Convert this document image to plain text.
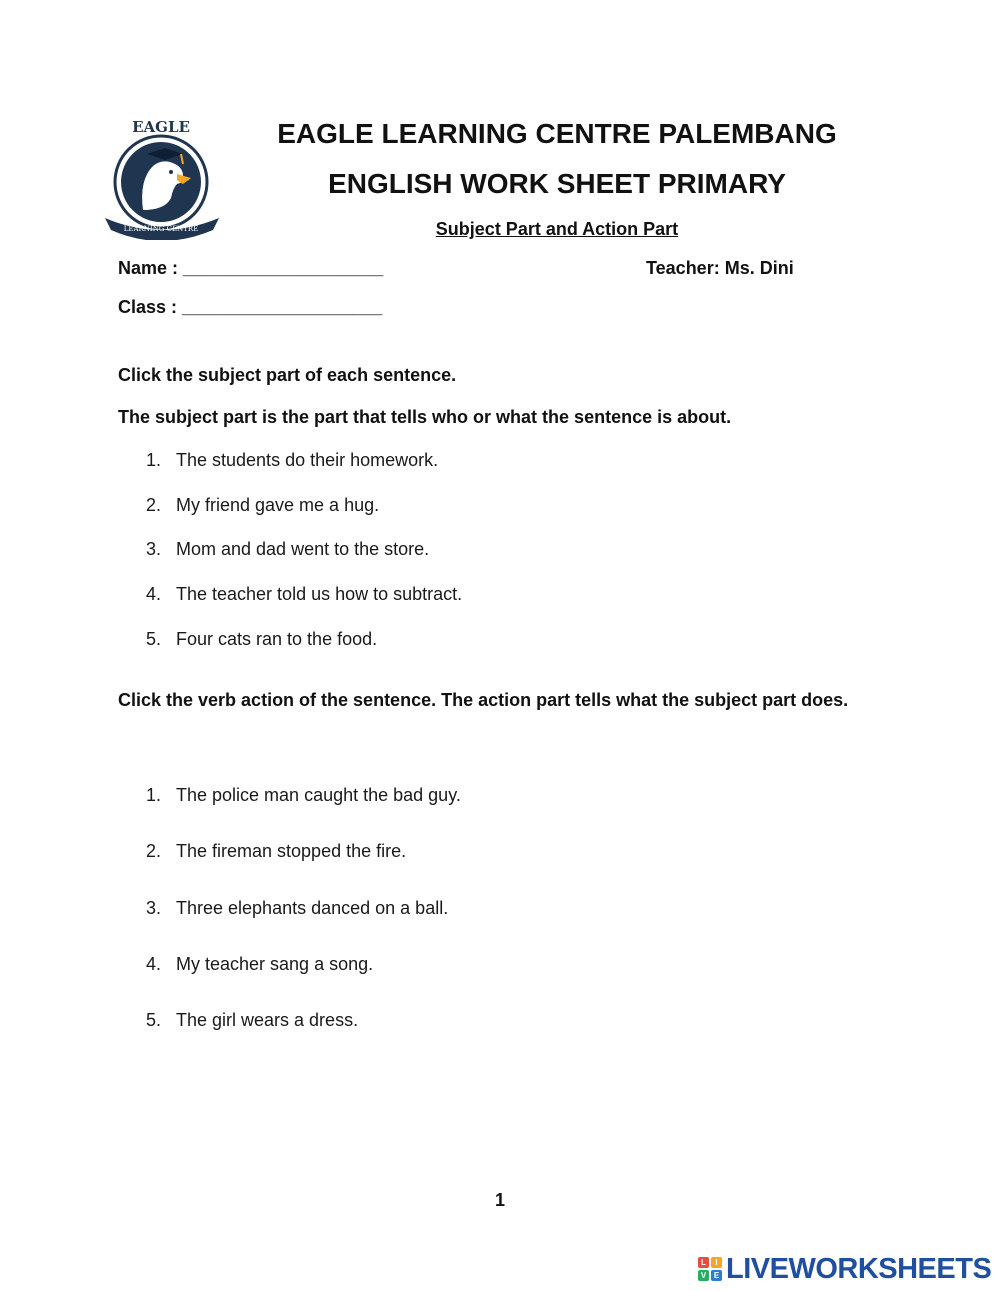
EAGLE
LEARNING CENTRE
EAGLE LEARNING CENTRE PALEMBANG
ENGLISH WORK SHEET PRIMARY
Subject Part and Action Part
Name : ____________________	Teacher: Ms. Dini
Class : ____________________
Click the subject part of each sentence.
The subject part is the part that tells who or what the sentence is about.
1. The students do their homework.
2. My friend gave me a hug.
3. Mom and dad went to the store.
4. The teacher told us how to subtract.
5. Four cats ran to the food.
Click the verb action of the sentence. The action part tells what the subject part does.
1. The police man caught the bad guy.
2. The fireman stopped the fire.
3. Three elephants danced on a ball.
4. My teacher sang a song.
5. The girl wears a dress.
1
L	I
V E LIVEWORKSHEETS
